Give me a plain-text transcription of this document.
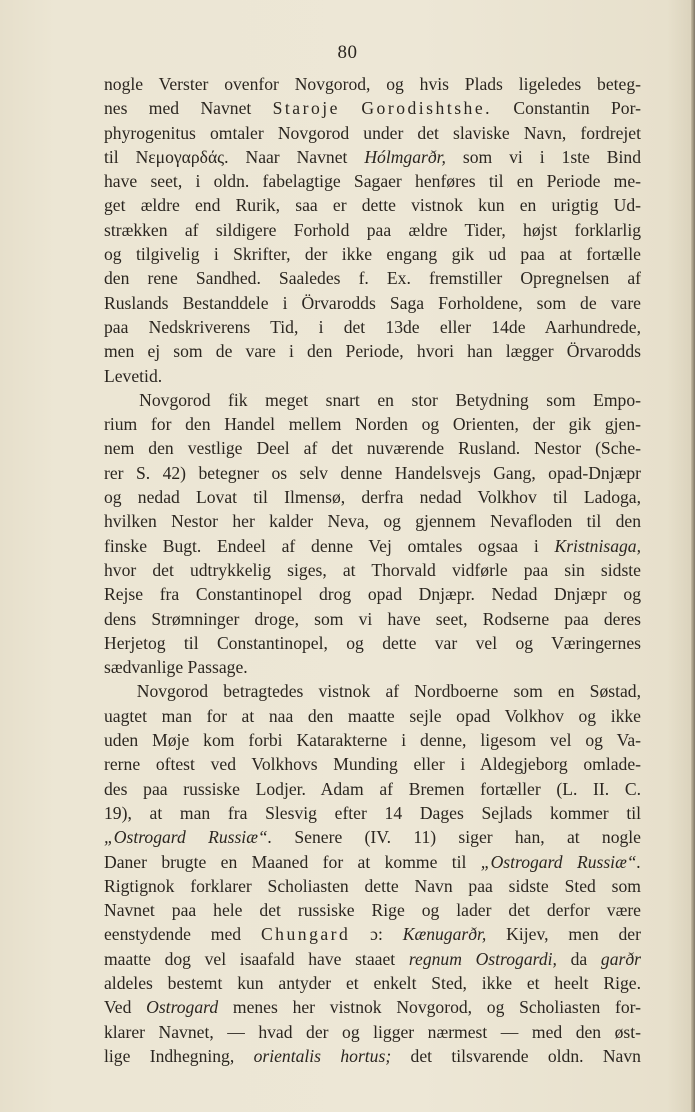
80

nogle Verster ovenfor Novgorod, og hvis Plads ligeledes beteg-

nes med Navnet Staroje Gorodishtshe. Constantin Por-

phyrogenitus omtaler Novgorod under det slaviske Navn, fordrejet

til Νεμογαρδάς. Naar Navnet Hólmgarðr, som vi i 1ste Bind

have seet, i oldn. fabelagtige Sagaer henføres til en Periode me-

get ældre end Rurik, saa er dette vistnok kun en urigtig Ud-

strækken af sildigere Forhold paa ældre Tider, højst forklarlig

og tilgivelig i Skrifter, der ikke engang gik ud paa at fortælle

den rene Sandhed. Saaledes f. Ex. fremstiller Opregnelsen af

Ruslands Bestanddele i Örvarodds Saga Forholdene, som de vare

paa Nedskriverens Tid, i det 13de eller 14de Aarhundrede,

men ej som de vare i den Periode, hvori han lægger Örvarodds

Levetid.

  Novgorod fik meget snart en stor Betydning som Empo-

rium for den Handel mellem Norden og Orienten, der gik gjen-

nem den vestlige Deel af det nuværende Rusland. Nestor (Sche-

rer S. 42) betegner os selv denne Handelsvejs Gang, opad-Dnjæpr

og nedad Lovat til Ilmensø, derfra nedad Volkhov til Ladoga,

hvilken Nestor her kalder Neva, og gjennem Nevafloden til den

finske Bugt. Endeel af denne Vej omtales ogsaa i Kristnisaga,

hvor det udtrykkelig siges, at Thorvald vidførle paa sin sidste

Rejse fra Constantinopel drog opad Dnjæpr. Nedad Dnjæpr og

dens Strømninger droge, som vi have seet, Rodserne paa deres

Herjetog til Constantinopel, og dette var vel og Væringernes

sædvanlige Passage.

  Novgorod betragtedes vistnok af Nordboerne som en Søstad,

uagtet man for at naa den maatte sejle opad Volkhov og ikke

uden Møje kom forbi Katarakterne i denne, ligesom vel og Va-

rerne oftest ved Volkhovs Munding eller i Aldegjeborg omlade-

des paa russiske Lodjer. Adam af Bremen fortæller (L. II. C.

19), at man fra Slesvig efter 14 Dages Sejlads kommer til

„Ostrogard Russiæ“. Senere (IV. 11) siger han, at nogle

Daner brugte en Maaned for at komme til „Ostrogard Russiæ“.

Rigtignok forklarer Scholiasten dette Navn paa sidste Sted som

Navnet paa hele det russiske Rige og lader det derfor være

eenstydende med Chungard ɔ: Kænugarðr, Kijev, men der

maatte dog vel isaafald have staaet regnum Ostrogardi, da garðr

aldeles bestemt kun antyder et enkelt Sted, ikke et heelt Rige.

Ved Ostrogard menes her vistnok Novgorod, og Scholiasten for-

klarer Navnet, — hvad der og ligger nærmest — med den øst-

lige Indhegning, orientalis hortus; det tilsvarende oldn. Navn
